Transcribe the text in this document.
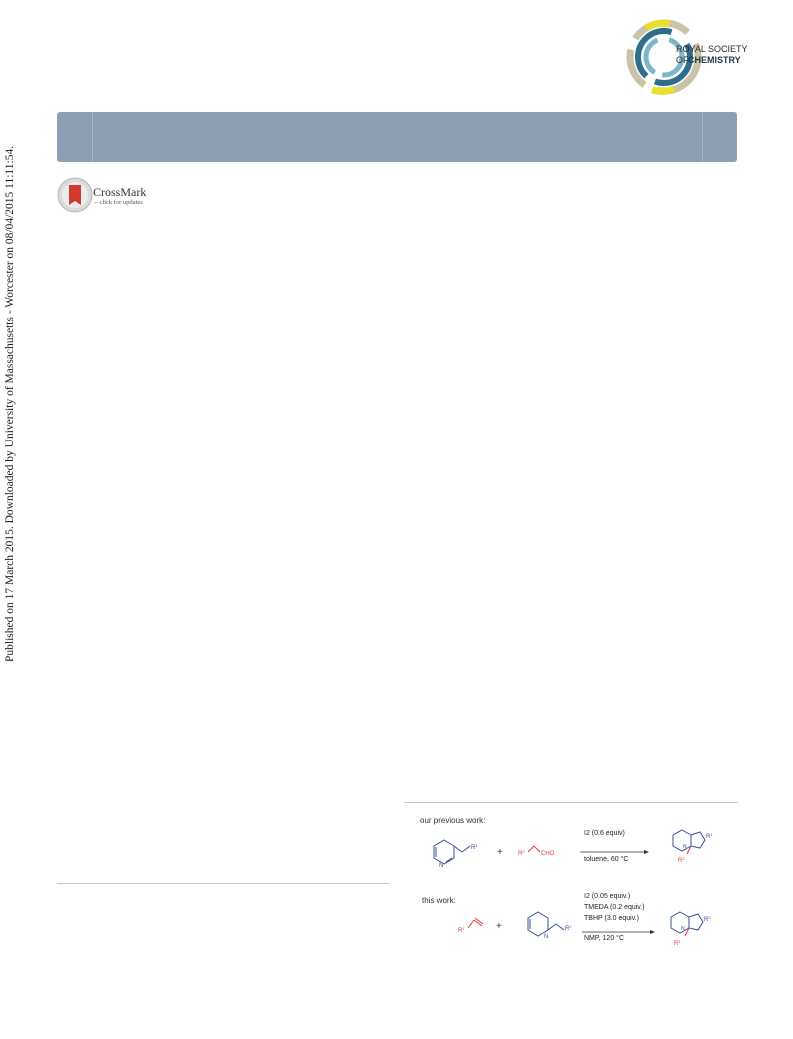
Published on 17 March 2015. Downloaded by University of Massachusetts - Worcester on 08/04/2015 11:11:54.
ROYAL SOCIETY
OF CHEMISTRY
CrossMark
←click for updates
our previous work:
this work:
N
$R^1$
+	$R^2$	CHO
N
$R^1$
$R^2$
$R^1$	+
N
$R^2$	N
$R^2$
$R^1$
I2 (0.6 equiv)
toluene, 60 °C
I2 (0.05 equiv.)
TMEDA (0.2 equiv.)
TBHP (3.0 equiv.)
NMP, 120 °C
